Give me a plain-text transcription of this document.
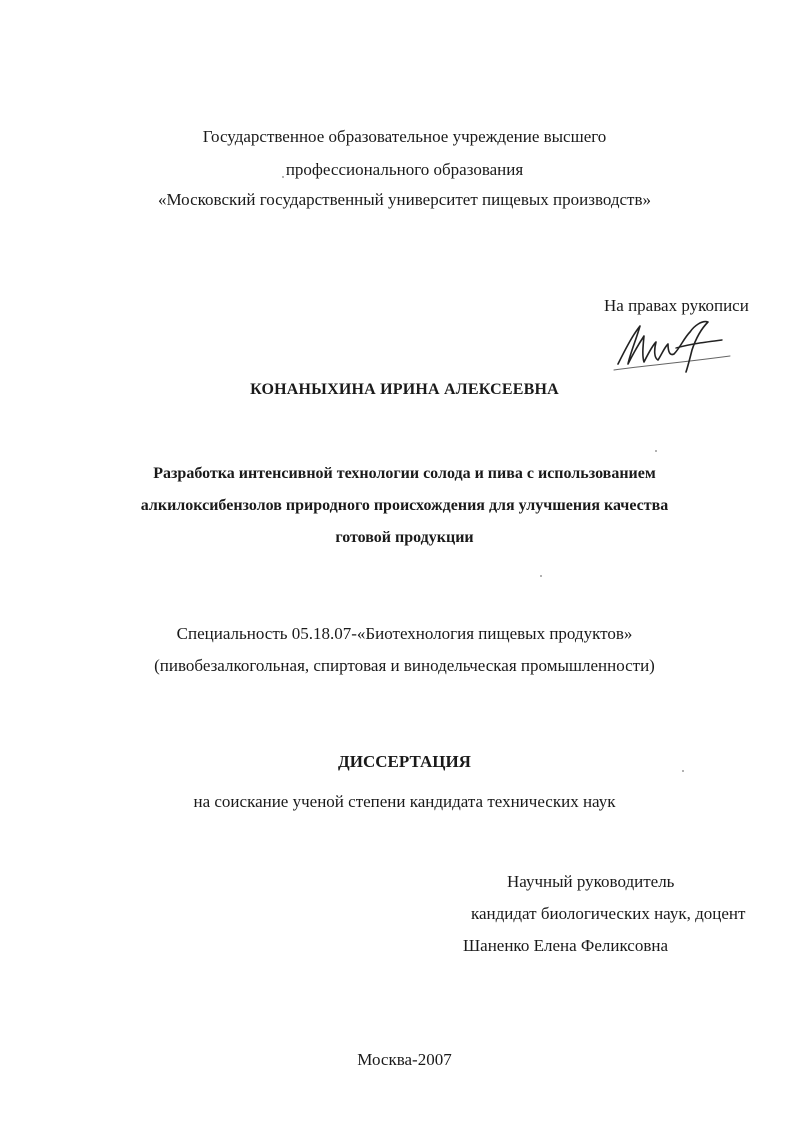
Государственное образовательное учреждение высшего
профессионального образования
«Московский государственный университет пищевых производств»
На правах рукописи
КОНАНЫХИНА ИРИНА АЛЕКСЕЕВНА
Разработка интенсивной технологии солода и пива с использованием
алкилоксибензолов природного происхождения для улучшения качества
готовой продукции
Специальность 05.18.07-«Биотехнология пищевых продуктов»
(пивобезалкогольная, спиртовая и винодельческая промышленности)
ДИССЕРТАЦИЯ
на соискание ученой степени кандидата технических наук
Научный руководитель
кандидат биологических наук, доцент
Шаненко Елена Феликсовна
Москва-2007
